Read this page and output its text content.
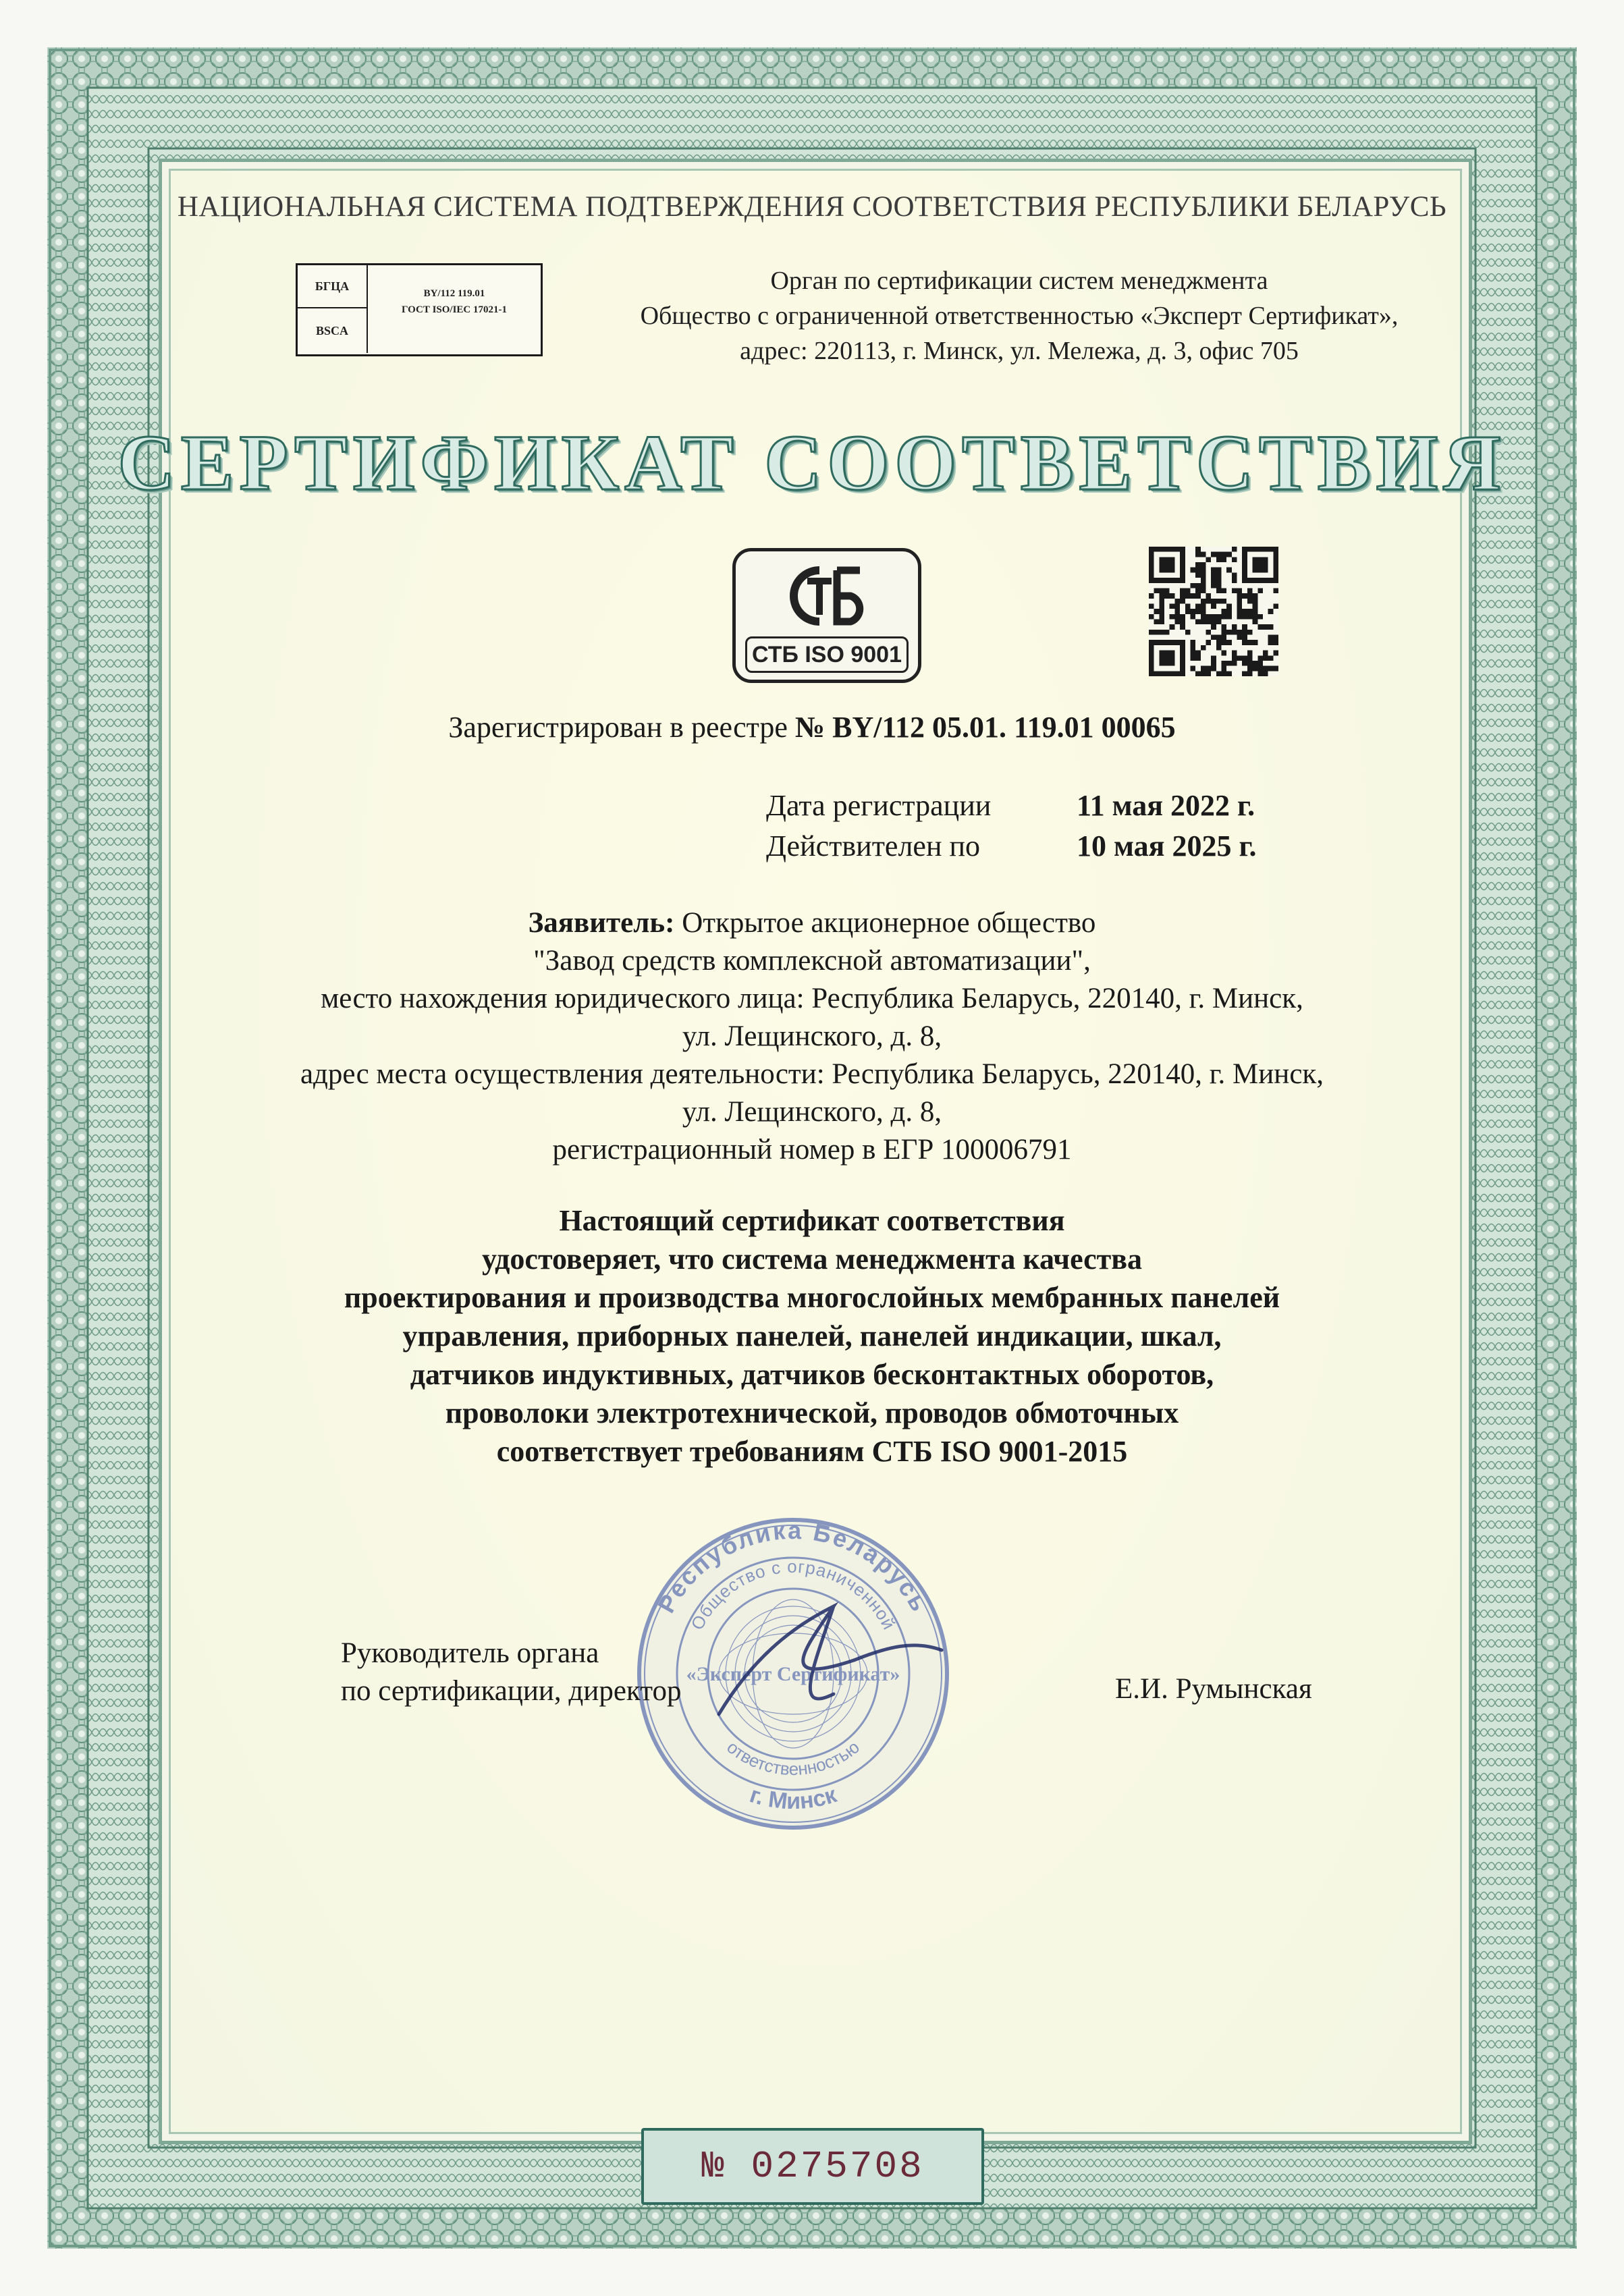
НАЦИОНАЛЬНАЯ СИСТЕМА ПОДТВЕРЖДЕНИЯ СООТВЕТСТВИЯ РЕСПУБЛИКИ БЕЛАРУСЬ
БГЦА
BSCA
BY/112 119.01
ГОСТ ISO/IEC 17021-1
Орган по сертификации систем менеджмента
Общество с ограниченной ответственностью «Эксперт Сертификат»,
адрес: 220113, г. Минск, ул. Мележа, д. 3, офис 705
СЕРТИФИКАТ СООТВЕТСТВИЯ
СТБ ISO 9001
Зарегистрирован в реестре № BY/112 05.01. 119.01 00065
Дата регистрации	11 мая 2022 г.
Действителен по	10 мая 2025 г.
Заявитель: Открытое акционерное общество
"Завод средств комплексной автоматизации",
место нахождения юридического лица: Республика Беларусь, 220140, г. Минск,
ул. Лещинского, д. 8,
адрес места осуществления деятельности: Республика Беларусь, 220140, г. Минск,
ул. Лещинского, д. 8,
регистрационный номер в ЕГР 100006791
Настоящий сертификат соответствия
удостоверяет, что система менеджмента качества
проектирования и производства многослойных мембранных панелей
управления, приборных панелей, панелей индикации, шкал,
датчиков индуктивных, датчиков бесконтактных оборотов,
проволоки электротехнической, проводов обмоточных
соответствует требованиям СТБ ISO 9001-2015
Республика Беларусь
Общество с ограниченной
г. Минск
ответственностью
«Эксперт Сертификат»
Руководитель органа
по сертификации, директор	Е.И. Румынская
№ 0275708
